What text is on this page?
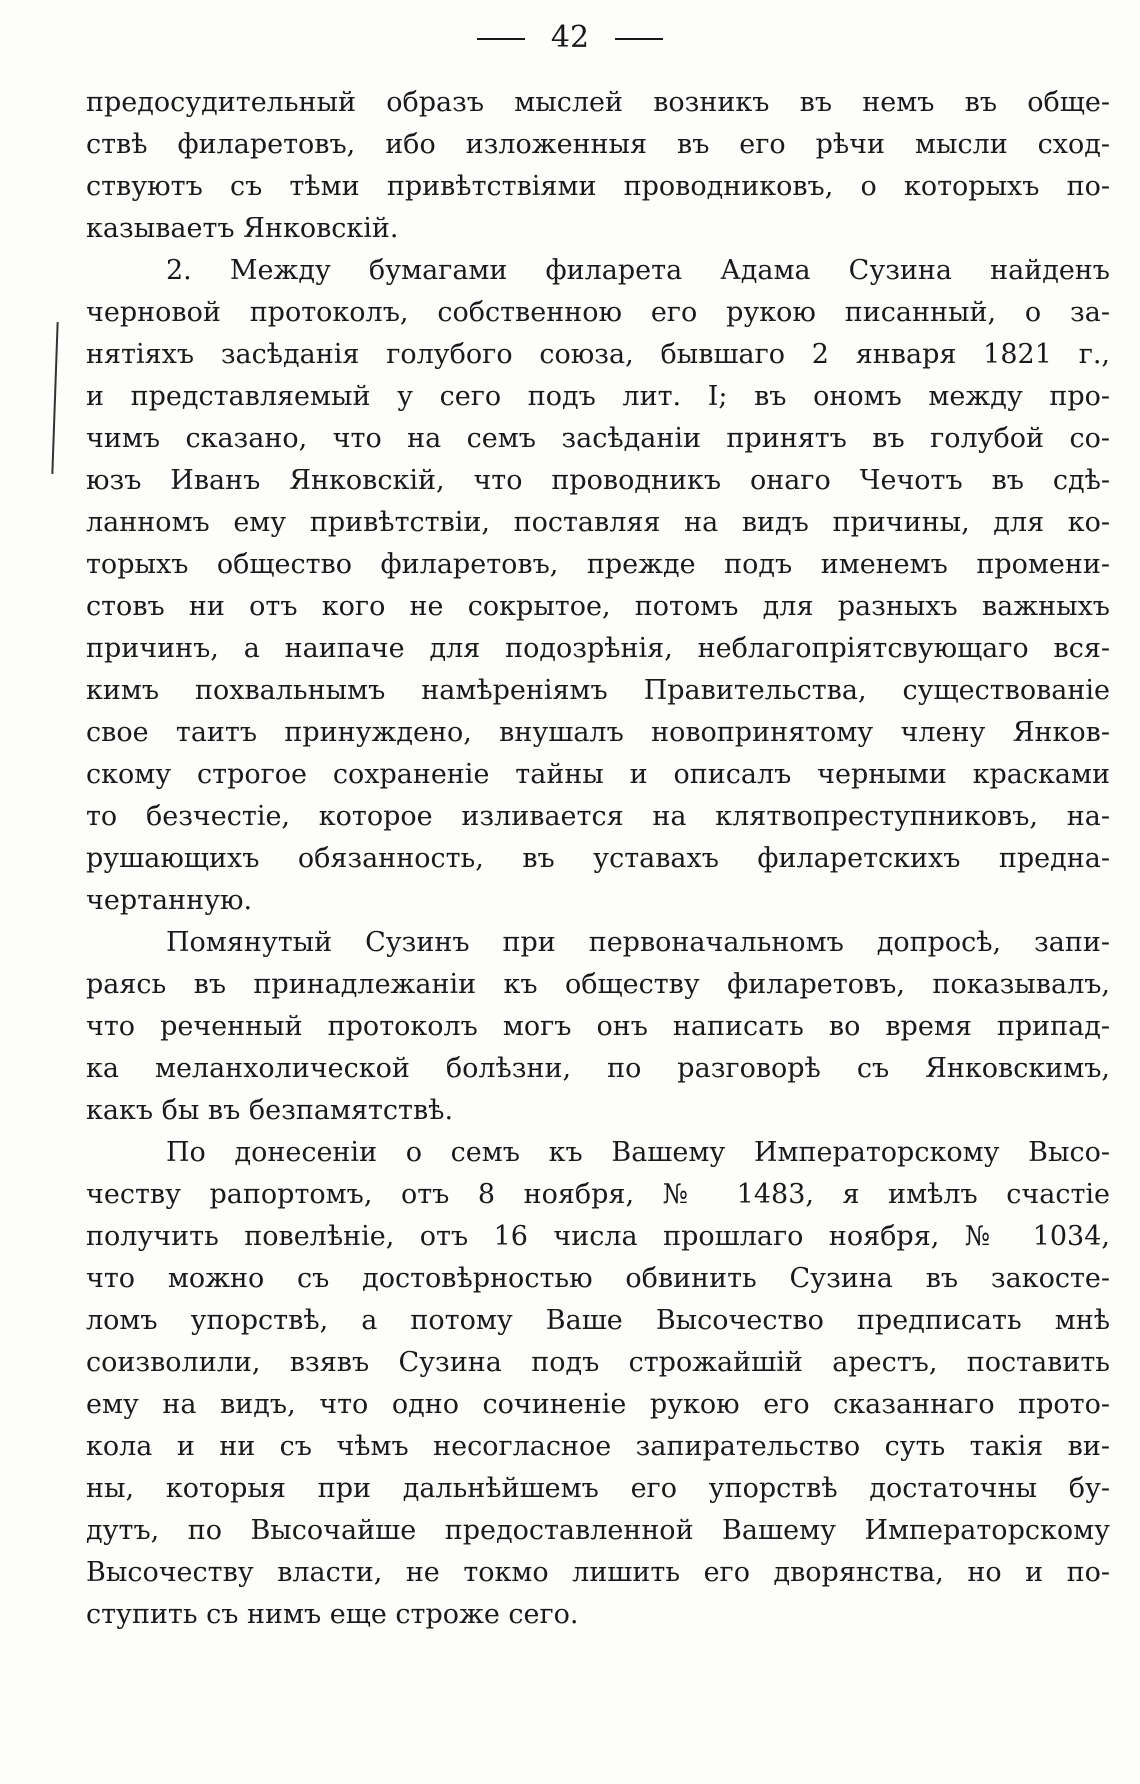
42
предосудительный образъ мыслей возникъ въ немъ въ обще-
ствѣ филаретовъ, ибо изложенныя въ его рѣчи мысли сход-
ствуютъ съ тѣми привѣтствіями проводниковъ, о которыхъ по-
казываетъ Янковскій.
2. Между бумагами филарета Адама Сузина найденъ
черновой протоколъ, собственною его рукою писанный, о за-
нятіяхъ засѣданія голубого союза, бывшаго 2 января 1821 г.,
и представляемый у сего подъ лит. I; въ ономъ между про-
чимъ сказано, что на семъ засѣданіи принятъ въ голубой со-
юзъ Иванъ Янковскій, что проводникъ онаго Чечотъ въ сдѣ-
ланномъ ему привѣтствіи, поставляя на видъ причины, для ко-
торыхъ общество филаретовъ, прежде подъ именемъ промени-
стовъ ни отъ кого не сокрытое, потомъ для разныхъ важныхъ
причинъ, а наипаче для подозрѣнія, неблагопріятсвующаго вся-
кимъ похвальнымъ намѣреніямъ Правительства, существованіе
свое таитъ принуждено, внушалъ новопринятому члену Янков-
скому строгое сохраненіе тайны и описалъ черными красками
то безчестіе, которое изливается на клятвопреступниковъ, на-
рушающихъ обязанность, въ уставахъ филаретскихъ предна-
чертанную.
Помянутый Сузинъ при первоначальномъ допросѣ, запи-
раясь въ принадлежаніи къ обществу филаретовъ, показывалъ,
что реченный протоколъ могъ онъ написать во время припад-
ка меланхолической болѣзни, по разговорѣ съ Янковскимъ,
какъ бы въ безпамятствѣ.
По донесеніи о семъ къ Вашему Императорскому Высо-
честву рапортомъ, отъ 8 ноября, № 1483, я имѣлъ счастіе
получить повелѣніе, отъ 16 числа прошлаго ноября, № 1034,
что можно съ достовѣрностью обвинить Сузина въ закосте-
ломъ упорствѣ, а потому Ваше Высочество предписать мнѣ
соизволили, взявъ Сузина подъ строжайшій арестъ, поставить
ему на видъ, что одно сочиненіе рукою его сказаннаго прото-
кола и ни съ чѣмъ несогласное запирательство суть такія ви-
ны, которыя при дальнѣйшемъ его упорствѣ достаточны бу-
дутъ, по Высочайше предоставленной Вашему Императорскому
Высочеству власти, не токмо лишить его дворянства, но и по-
ступить съ нимъ еще строже сего.
